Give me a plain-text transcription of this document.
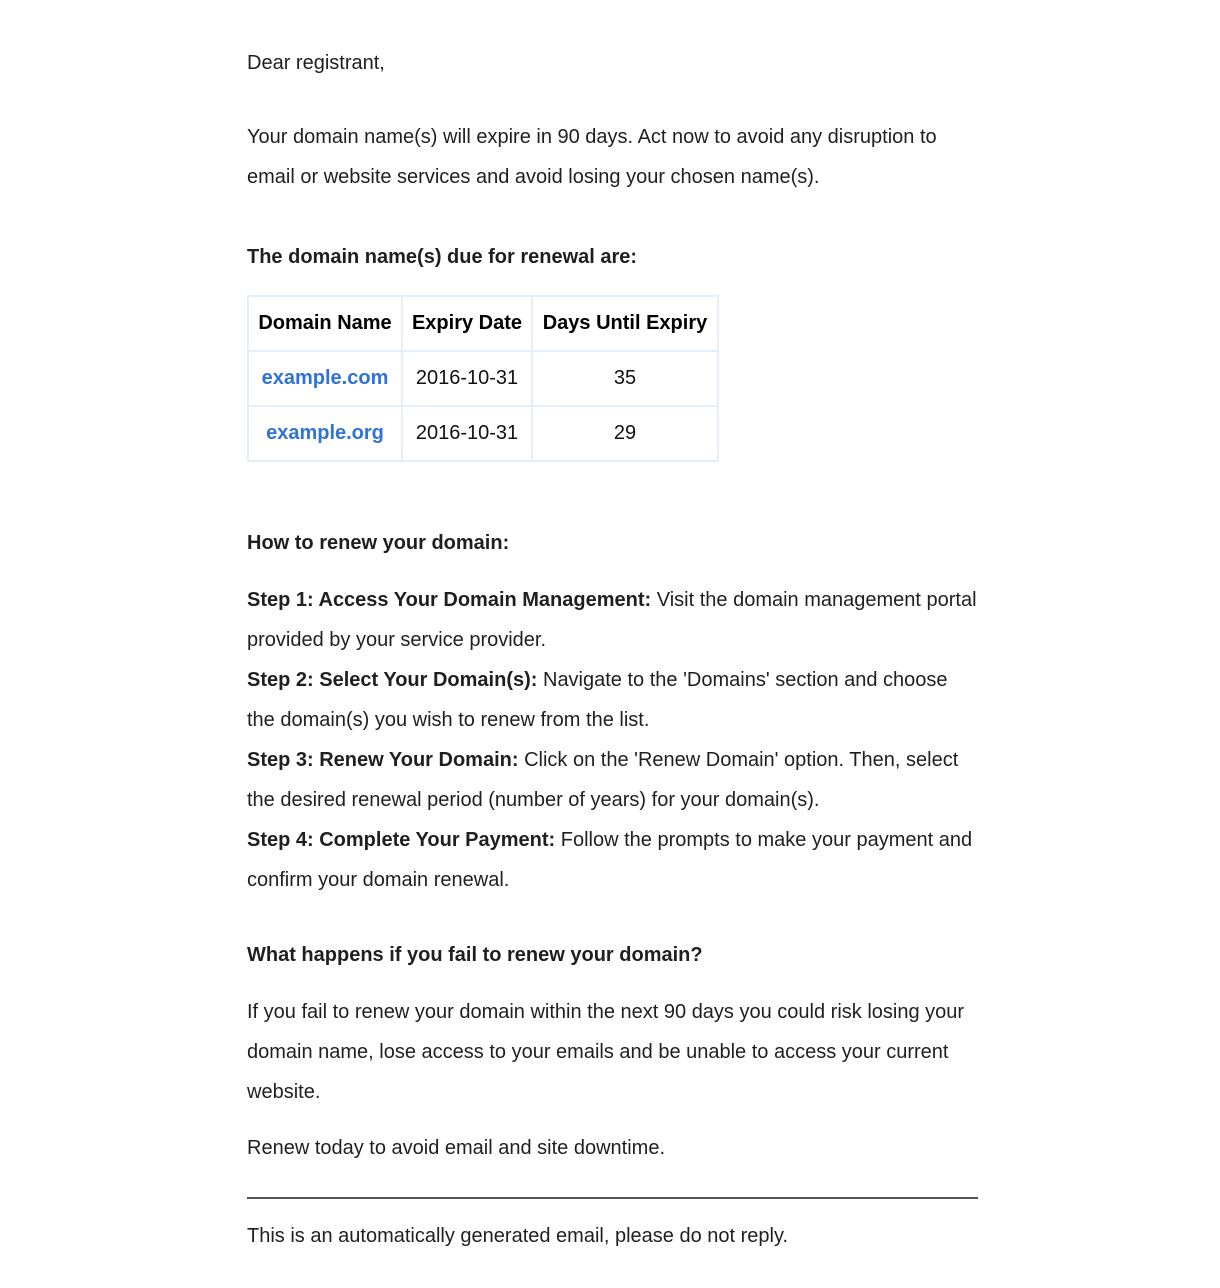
Dear registrant,

Your domain name(s) will expire in 90 days. Act now to avoid any disruption to email or website services and avoid losing your chosen name(s).

The domain name(s) due for renewal are:

Domain Name	Expiry Date	Days Until Expiry
example.com	2016-10-31	35
example.org	2016-10-31	29

How to renew your domain:

Step 1: Access Your Domain Management: Visit the domain management portal provided by your service provider.

Step 2: Select Your Domain(s): Navigate to the 'Domains' section and choose the domain(s) you wish to renew from the list.

Step 3: Renew Your Domain: Click on the 'Renew Domain' option. Then, select the desired renewal period (number of years) for your domain(s).

Step 4: Complete Your Payment: Follow the prompts to make your payment and confirm your domain renewal.

What happens if you fail to renew your domain?

If you fail to renew your domain within the next 90 days you could risk losing your domain name, lose access to your emails and be unable to access your current website.

Renew today to avoid email and site downtime.

This is an automatically generated email, please do not reply.
